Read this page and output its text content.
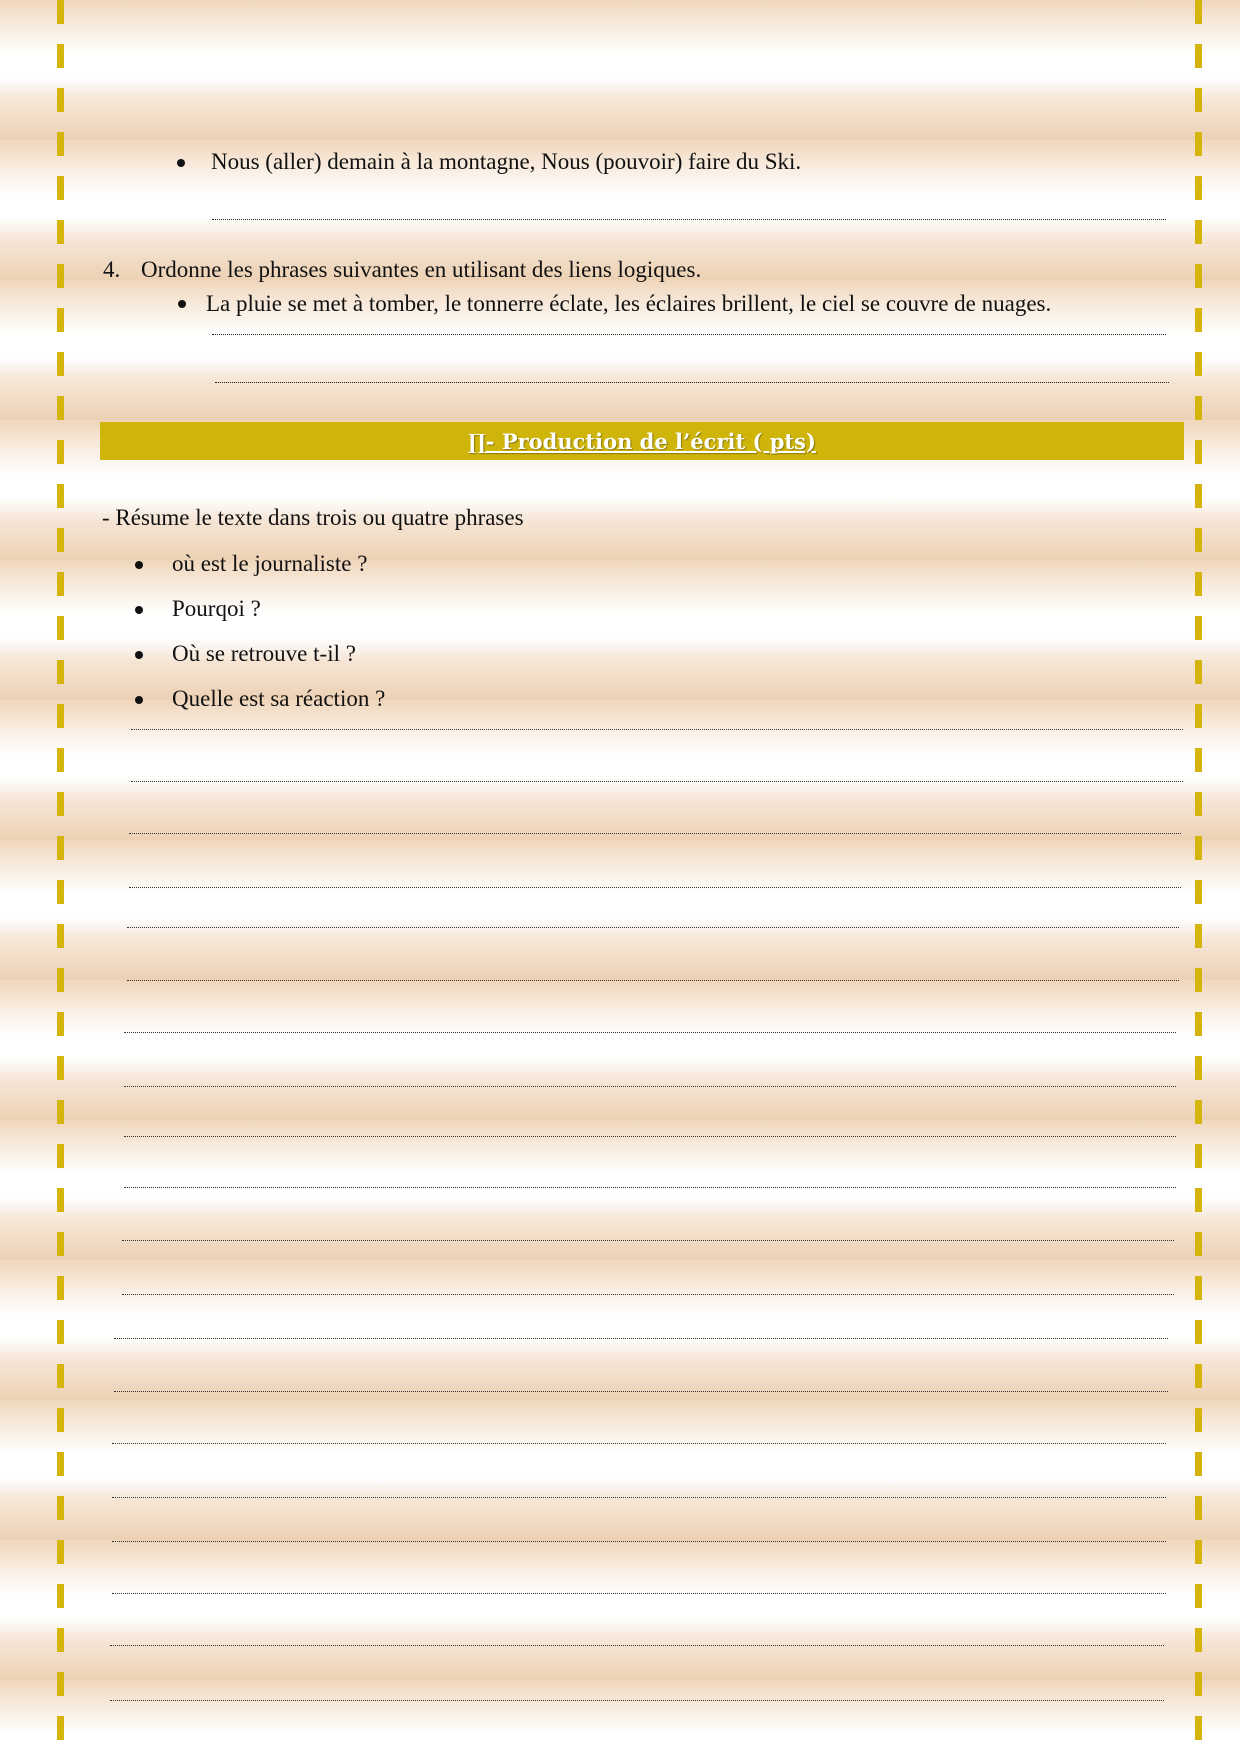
Nous (aller) demain à la montagne, Nous (pouvoir) faire du Ski.
4. Ordonne les phrases suivantes en utilisant des liens logiques.
La pluie se met à tomber, le tonnerre éclate, les éclaires brillent, le ciel se couvre de nuages.
∏- Production de l’écrit ( pts)
- Résume le texte dans trois ou quatre phrases
où est le journaliste ?
Pourqoi ?
Où se retrouve t-il ?
Quelle est sa réaction ?
